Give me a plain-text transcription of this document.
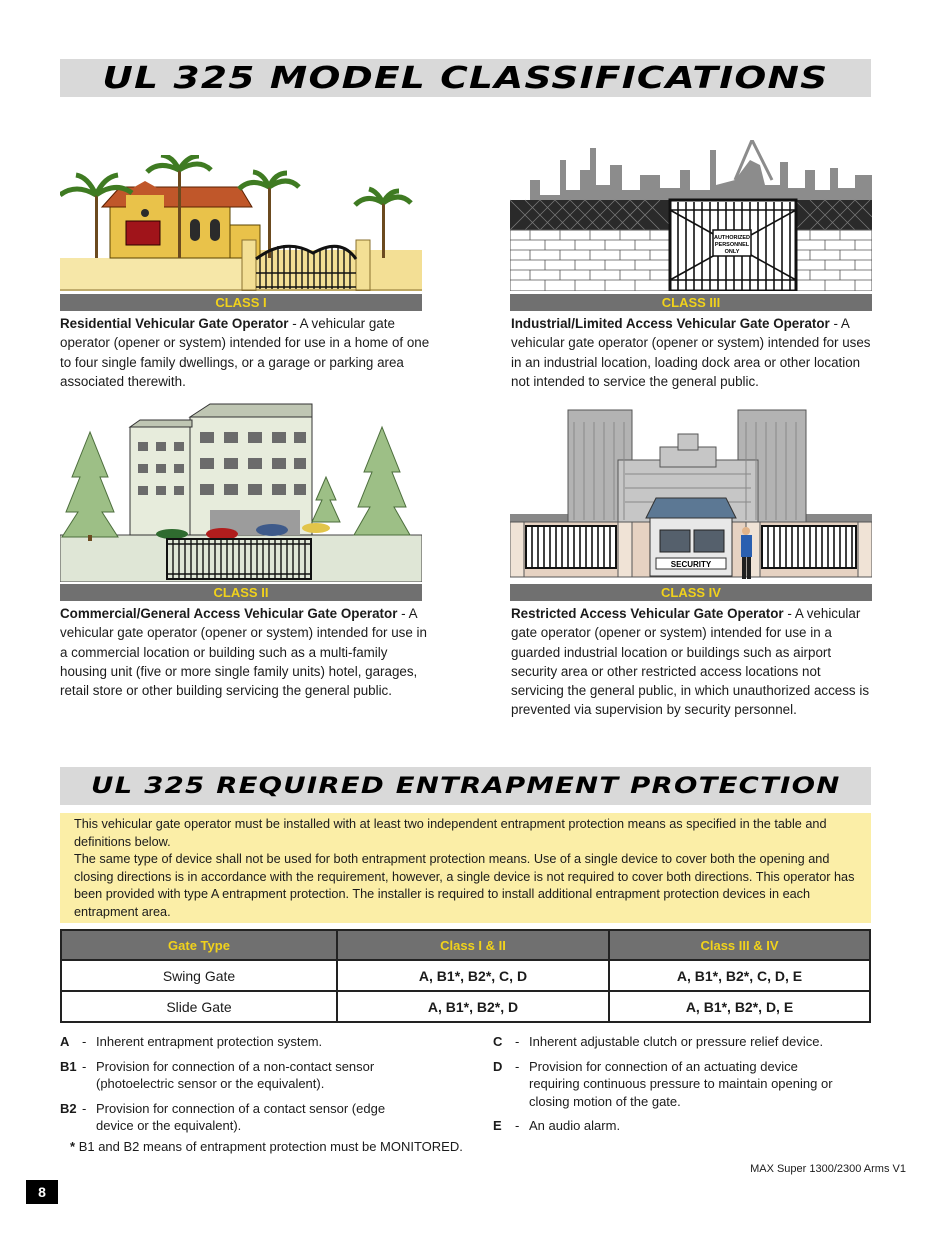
UL 325 MODEL CLASSIFICATIONS
CLASS I
Residential Vehicular Gate Operator - A vehicular gate operator (opener or system) intended for use in a home of one to four single family dwellings, or a garage or parking area associated therewith.
AUTHORIZED
PERSONNEL
ONLY
CLASS III
Industrial/Limited Access Vehicular Gate Operator - A vehicular gate operator (opener or system) intended for uses in an industrial location, loading dock area or other location not intended to service the general public.
CLASS II
Commercial/General Access Vehicular Gate Operator - A vehicular gate operator (opener or system) intended for use in a commercial location or building such as a multi-family housing unit (five or more single family units) hotel, garages, retail store or other building servicing the general public.
SECURITY
CLASS IV
Restricted Access Vehicular Gate Operator - A vehicular gate operator (opener or system) intended for use in a guarded industrial location or buildings such as airport security area or other restricted access locations not servicing the general public, in which unauthorized access is prevented via supervision by security personnel.
UL 325 REQUIRED ENTRAPMENT PROTECTION

This vehicular gate operator must be installed with at least two independent entrapment protection means as specified in the table and definitions below.

The same type of device shall not be used for both entrapment protection means. Use of a single device to cover both the opening and closing directions is in accordance with the requirement, however, a single device is not required to cover both directions. This operator has been provided with type A entrapment protection. The installer is required to install additional entrapment protection devices in each entrapment area.

Gate Type	Class I & II	Class III & IV
Swing Gate	A, B1*, B2*, C, D	A, B1*, B2*, C, D, E
Slide Gate	A, B1*, B2*, D	A, B1*, B2*, D, E
A - Inherent entrapment protection system.
B1 - Provision for connection of a non-contact sensor (photoelectric sensor or the equivalent).
B2 - Provision for connection of a contact sensor (edge device or the equivalent).
C - Inherent adjustable clutch or pressure relief device.
D - Provision for connection of an actuating device requiring continuous pressure to maintain opening or closing motion of the gate.
E	- An audio alarm.
* B1 and B2 means of entrapment protection must be MONITORED.
MAX Super 1300/2300 Arms V1
8
